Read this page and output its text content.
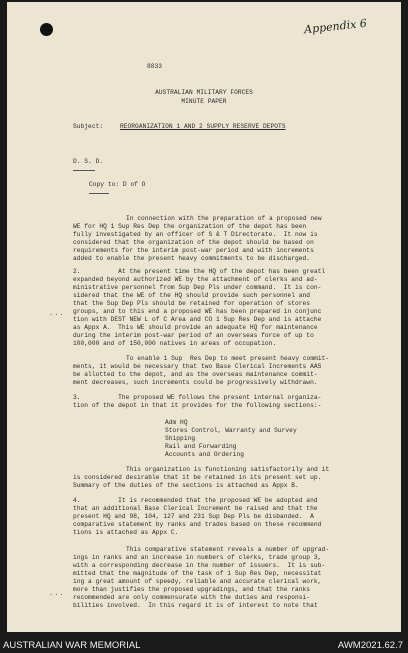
Appendix 6
8833
AUSTRALIAN MILITARY FORCES
MINUTE PAPER
Subject:	REORGANIZATION 1 AND 2 SUPPLY RESERVE DEPOTS
D. S. D.
Copy to: D of O
In connection with the preparation of a proposed new
WE for HQ 1 Sup Res Dep the organization of the depot has been
fully investigated by an officer of S & T Directorate.  It now is
considered that the organization of the depot should be based on
requirements for the interim post-war period and with increments
added to enable the present heavy commitments to be discharged.
2.          At the present time the HQ of the depot has been greatl
expanded beyond authorized WE by the attachment of clerks and ad-
ministrative personnel from Sup Dep Pls under command.  It is con-
sidered that the WE of the HQ should provide such personnel and
that the Sup Dep Pls should be retained for operation of stores
groups, and to this end a proposed WE has been prepared in conjunc
tion with DEST NEW L of C Area and CO 1 Sup Res Dep and is attache
as Appx A.  This WE should provide an adequate HQ for maintenance
during the interim post-war period of an overseas force of up to
100,000 and of 150,000 natives in areas of occupation.
...
To enable 1 Sup  Res Dep to meet present heavy commit-
ments, it would be necessary that two Base Clerical Increments AAS
be allotted to the depot, and as the overseas maintenance commit-
ment decreases, such increments could be progressively withdrawn.
3.          The proposed WE follows the present internal organiza-
tion of the depot in that it provides for the following sections:-
Adm HQ
Stores Control, Warranty and Survey
Shipping
Rail and Forwarding
Accounts and Ordering
This organization is functioning satisfactorily and it
is considered desirable that it be retained in its present set up.
Summary of the duties of the sections is attached as Appx B.
4.          It is recommended that the proposed WE be adopted and
that an additional Base Clerical Increment be raised and that the
present HQ and 98, 104, 127 and 231 Sup Dep Pls be disbanded.  A
comparative statement by ranks and trades based on these recommend
tions is attached as Appx C.
This comparative statement reveals a number of upgrad-
ings in ranks and an increase in numbers of clerks, trade group 3,
with a corresponding decrease in the number of issuers.  It is sub-
mitted that the magnitude of the task of 1 Sup Res Dep, necessitat
ing a great amount of speedy, reliable and accurate clerical work,
more than justifies the proposed upgradings, and that the ranks
recommended are only commensurate with the duties and responsi-
bilities involved.  In this regard it is of interest to note that
...
AUSTRALIAN WAR MEMORIAL	AWM2021.62.7
